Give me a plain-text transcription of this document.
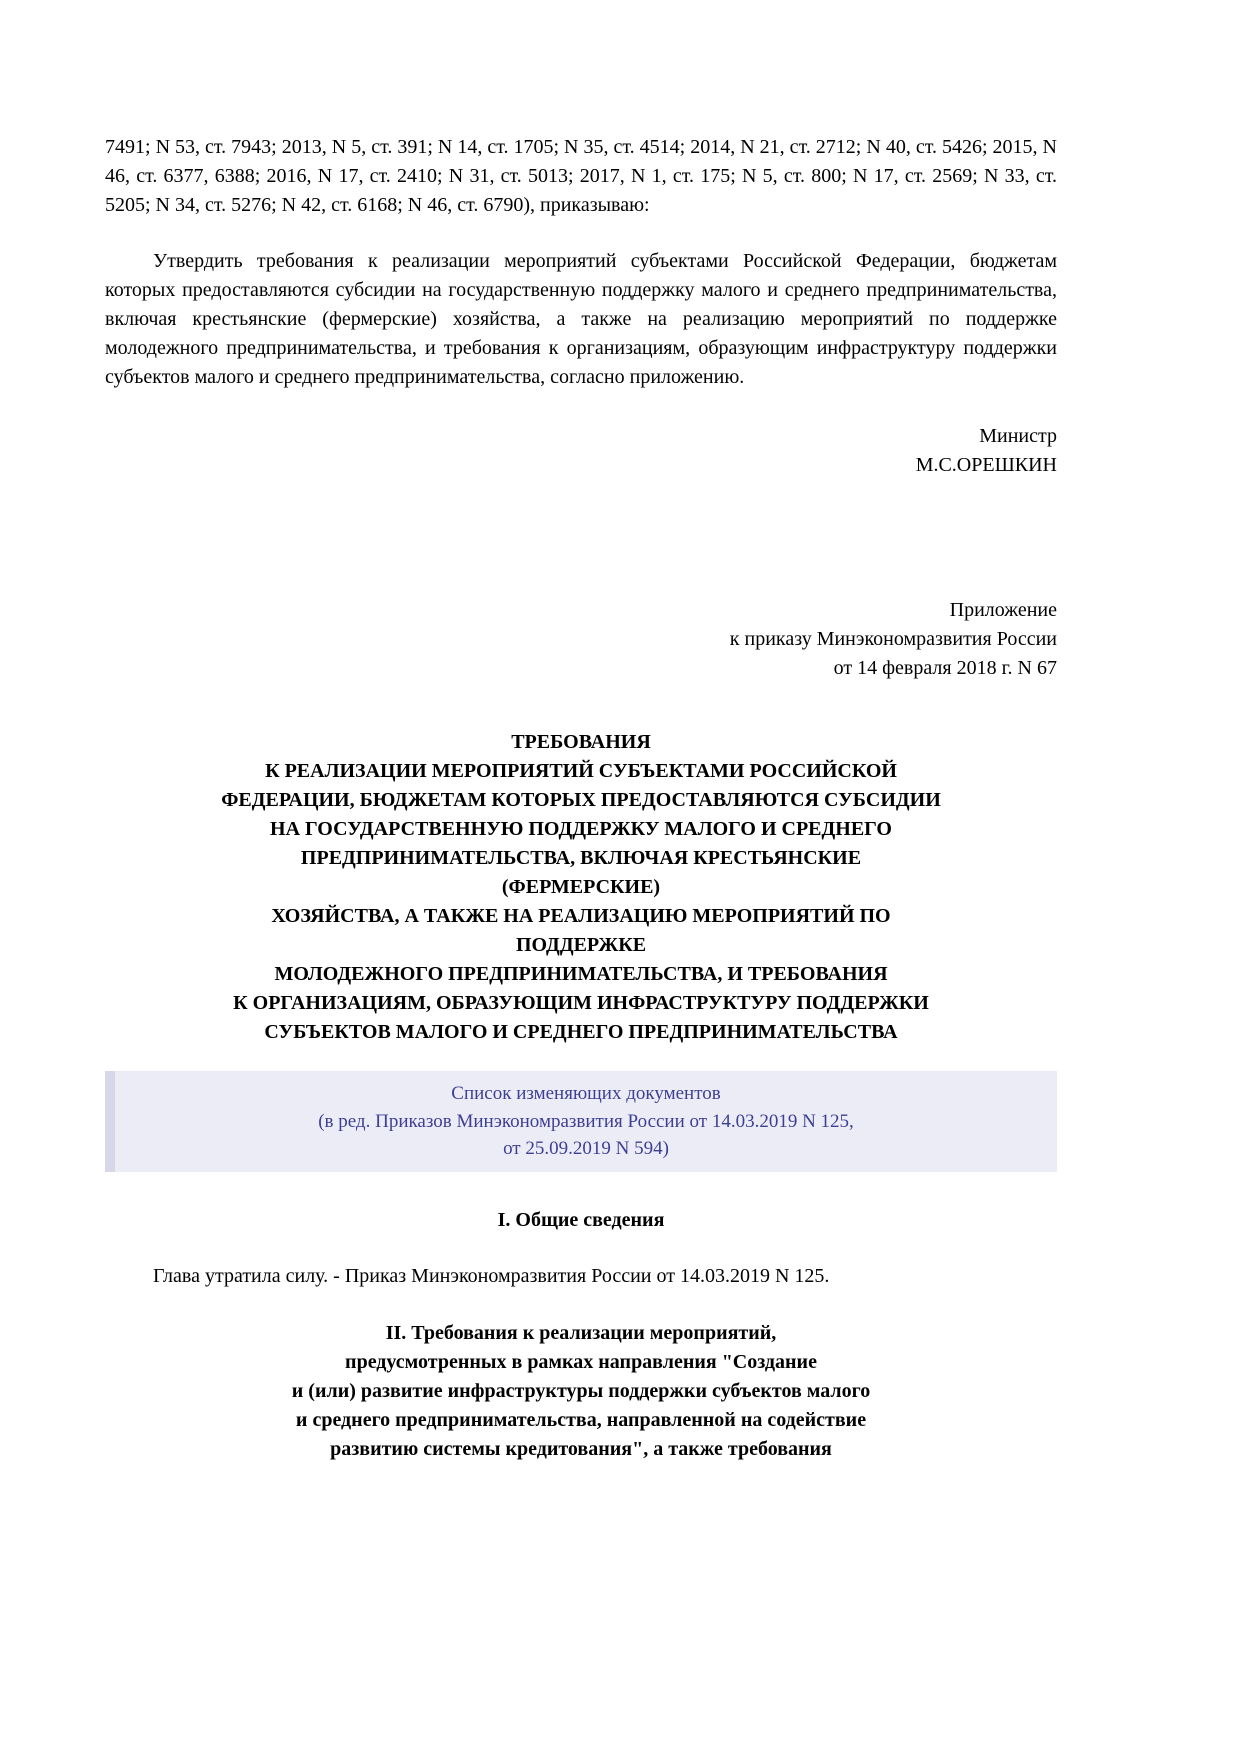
7491; N 53, ст. 7943; 2013, N 5, ст. 391; N 14, ст. 1705; N 35, ст. 4514; 2014, N 21, ст. 2712; N 40, ст. 5426; 2015, N 46, ст. 6377, 6388; 2016, N 17, ст. 2410; N 31, ст. 5013; 2017, N 1, ст. 175; N 5, ст. 800; N 17, ст. 2569; N 33, ст. 5205; N 34, ст. 5276; N 42, ст. 6168; N 46, ст. 6790), приказываю:

Утвердить требования к реализации мероприятий субъектами Российской Федерации, бюджетам которых предоставляются субсидии на государственную поддержку малого и среднего предпринимательства, включая крестьянские (фермерские) хозяйства, а также на реализацию мероприятий по поддержке молодежного предпринимательства, и требования к организациям, образующим инфраструктуру поддержки субъектов малого и среднего предпринимательства, согласно приложению.

Министр
М.С.ОРЕШКИН
Приложение
к приказу Минэкономразвития России
от 14 февраля 2018 г. N 67
ТРЕБОВАНИЯ
К РЕАЛИЗАЦИИ МЕРОПРИЯТИЙ СУБЪЕКТАМИ РОССИЙСКОЙ
ФЕДЕРАЦИИ, БЮДЖЕТАМ КОТОРЫХ ПРЕДОСТАВЛЯЮТСЯ СУБСИДИИ
НА ГОСУДАРСТВЕННУЮ ПОДДЕРЖКУ МАЛОГО И СРЕДНЕГО
ПРЕДПРИНИМАТЕЛЬСТВА, ВКЛЮЧАЯ КРЕСТЬЯНСКИЕ
(ФЕРМЕРСКИЕ)
ХОЗЯЙСТВА, А ТАКЖЕ НА РЕАЛИЗАЦИЮ МЕРОПРИЯТИЙ ПО
ПОДДЕРЖКЕ
МОЛОДЕЖНОГО ПРЕДПРИНИМАТЕЛЬСТВА, И ТРЕБОВАНИЯ
К ОРГАНИЗАЦИЯМ, ОБРАЗУЮЩИМ ИНФРАСТРУКТУРУ ПОДДЕРЖКИ
СУБЪЕКТОВ МАЛОГО И СРЕДНЕГО ПРЕДПРИНИМАТЕЛЬСТВА
Список изменяющих документов
(в ред. Приказов Минэкономразвития России от 14.03.2019 N 125,
от 25.09.2019 N 594)
I. Общие сведения

Глава утратила силу. - Приказ Минэкономразвития России от 14.03.2019 N 125.

II. Требования к реализации мероприятий,
предусмотренных в рамках направления "Создание
и (или) развитие инфраструктуры поддержки субъектов малого
и среднего предпринимательства, направленной на содействие
развитию системы кредитования", а также требования
